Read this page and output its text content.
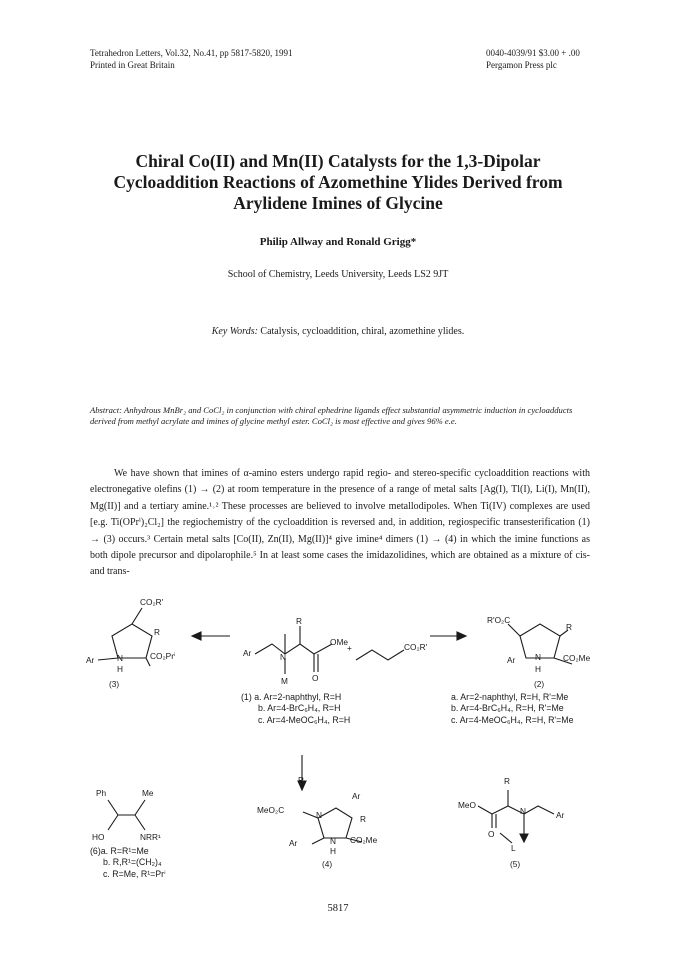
Tetrahedron Letters, Vol.32, No.41, pp 5817-5820, 1991
Printed in Great Britain
0040-4039/91 $3.00 + .00
Pergamon Press plc
Chiral Co(II) and Mn(II) Catalysts for the 1,3-Dipolar
Cycloaddition Reactions of Azomethine Ylides Derived from
Arylidene Imines of Glycine
Philip Allway and Ronald Grigg*
School of Chemistry, Leeds University, Leeds LS2 9JT
Key Words: Catalysis, cycloaddition, chiral, azomethine ylides.
Abstract: Anhydrous MnBr₂ and CoCl₂ in conjunction with chiral ephedrine ligands effect substantial asymmetric induction in cycloadducts derived from methyl acrylate and imines of glycine methyl ester. CoCl₂ is most effective and gives 96% e.e.
We have shown that imines of α-amino esters undergo rapid regio- and stereo-specific cycloaddition reactions with electronegative olefins (1) → (2) at room temperature in the presence of a range of metal salts [Ag(I), Tl(I), Li(I), Mn(II), Mg(II)] and a tertiary amine.¹˒² These processes are believed to involve metallodipoles. When Ti(IV) complexes are used [e.g. Ti(OPrⁱ)₂Cl₂] the regiochemistry of the cycloaddition is reversed and, in addition, regiospecific transesterification (1) → (3) occurs.³ Certain metal salts [Co(II), Zn(II), Mg(II)]⁴ give imine⁴ dimers (1) → (4) in which the imine functions as both dipole precursor and dipolarophile.⁵ In at least some cases the imidazolidines, which are obtained as a mixture of cis- and trans-
CO₂R'
R
Ar	N	CO₂Prⁱ
H
(3)
R
Ar	N
OMe
M	O
+	CO₂R'
(1) a. Ar=2-naphthyl, R=H
b. Ar=4-BrC₆H₄, R=H
c. Ar=4-MeOC₆H₄, R=H
R'O₂C
R
Ar N	CO₂Me
H
(2)
a. Ar=2-naphthyl, R=H, R'=Me
b. Ar=4-BrC₆H₄, R=H, R'=Me
c. Ar=4-MeOC₆H₄, R=H, R'=Me
Ph	Me
HO	NRR¹
(6)a. R=R¹=Me
b. R,R¹=(CH₂)₄
c. R=Me, R¹=Prⁱ
R
MeO₂C
Ar
N	R
Ar	N CO₂Me
H
(4)
R
MeO
N	Ar
O
L
(5)
5817
